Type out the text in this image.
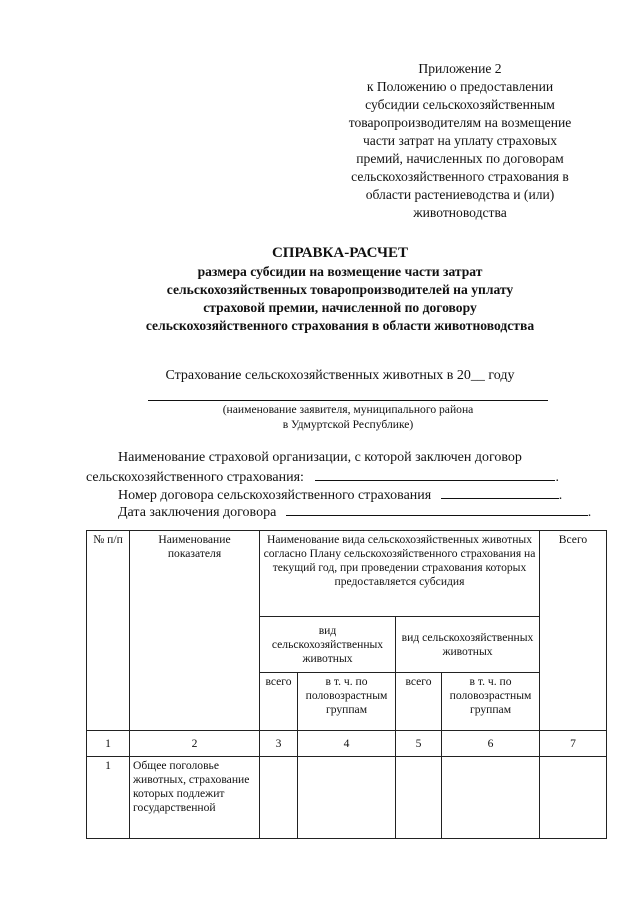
Приложение 2
к Положению о предоставлении
субсидии сельскохозяйственным
товаропроизводителям на возмещение
части затрат на уплату страховых
премий, начисленных по договорам
сельскохозяйственного страхования в
области растениеводства и (или)
животноводства
СПРАВКА-РАСЧЕТ
размера субсидии на возмещение части затрат
сельскохозяйственных товаропроизводителей на уплату
страховой премии, начисленной по договору
сельскохозяйственного страхования в области животноводства
Страхование сельскохозяйственных животных в 20__ году
(наименование заявителя, муниципального района
в Удмуртской Республике)
Наименование страховой организации, с которой заключен договор
сельскохозяйственного страхования:	.
Номер договора сельскохозяйственного страхования	.
Дата заключения договора	.
№ п/п	Наименование показателя	Наименование вида сельскохозяйственных животных согласно Плану сельскохозяйственного страхования на текущий год, при проведении страхования которых предоставляется субсидия				Всего
		вид сельскохозяйственных животных		вид сельскохозяйственных животных		
		всего	в т. ч. по половозрастным группам	всего	в т. ч. по половозрастным группам	
1	2	3	4	5	6	7
1	Общее поголовье животных, страхование которых подлежит государственной					
